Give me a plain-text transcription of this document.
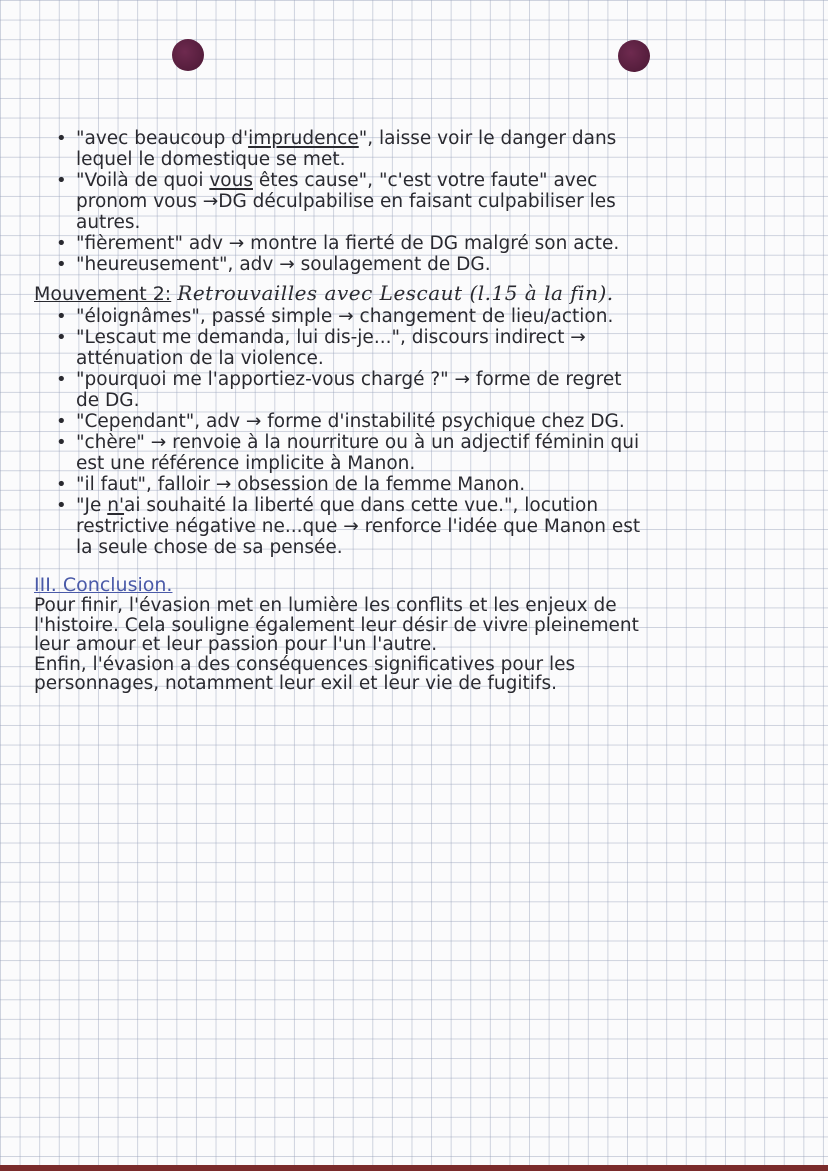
• "avec beaucoup d'imprudence", laisse voir le danger dans
lequel le domestique se met.
• "Voilà de quoi vous êtes cause", "c'est votre faute" avec
pronom vous →DG déculpabilise en faisant culpabiliser les
autres.
• "fièrement" adv → montre la fierté de DG malgré son acte.
• "heureusement", adv → soulagement de DG.
Mouvement 2: Retrouvailles avec Lescaut (l.15 à la fin).
• "éloignâmes", passé simple → changement de lieu/action.
• "Lescaut me demanda, lui dis-je...", discours indirect →
atténuation de la violence.
• "pourquoi me l'apportiez-vous chargé ?" → forme de regret
de DG.
• "Cependant", adv → forme d'instabilité psychique chez DG.
• "chère" → renvoie à la nourriture ou à un adjectif féminin qui
est une référence implicite à Manon.
• "il faut", falloir → obsession de la femme Manon.
• "Je n'ai souhaité la liberté que dans cette vue.", locution
restrictive négative ne...que → renforce l'idée que Manon est
la seule chose de sa pensée.
III. Conclusion.

Pour finir, l'évasion met en lumière les conflits et les enjeux de

l'histoire. Cela souligne également leur désir de vivre pleinement

leur amour et leur passion pour l'un l'autre.

Enfin, l'évasion a des conséquences significatives pour les

personnages, notamment leur exil et leur vie de fugitifs.
